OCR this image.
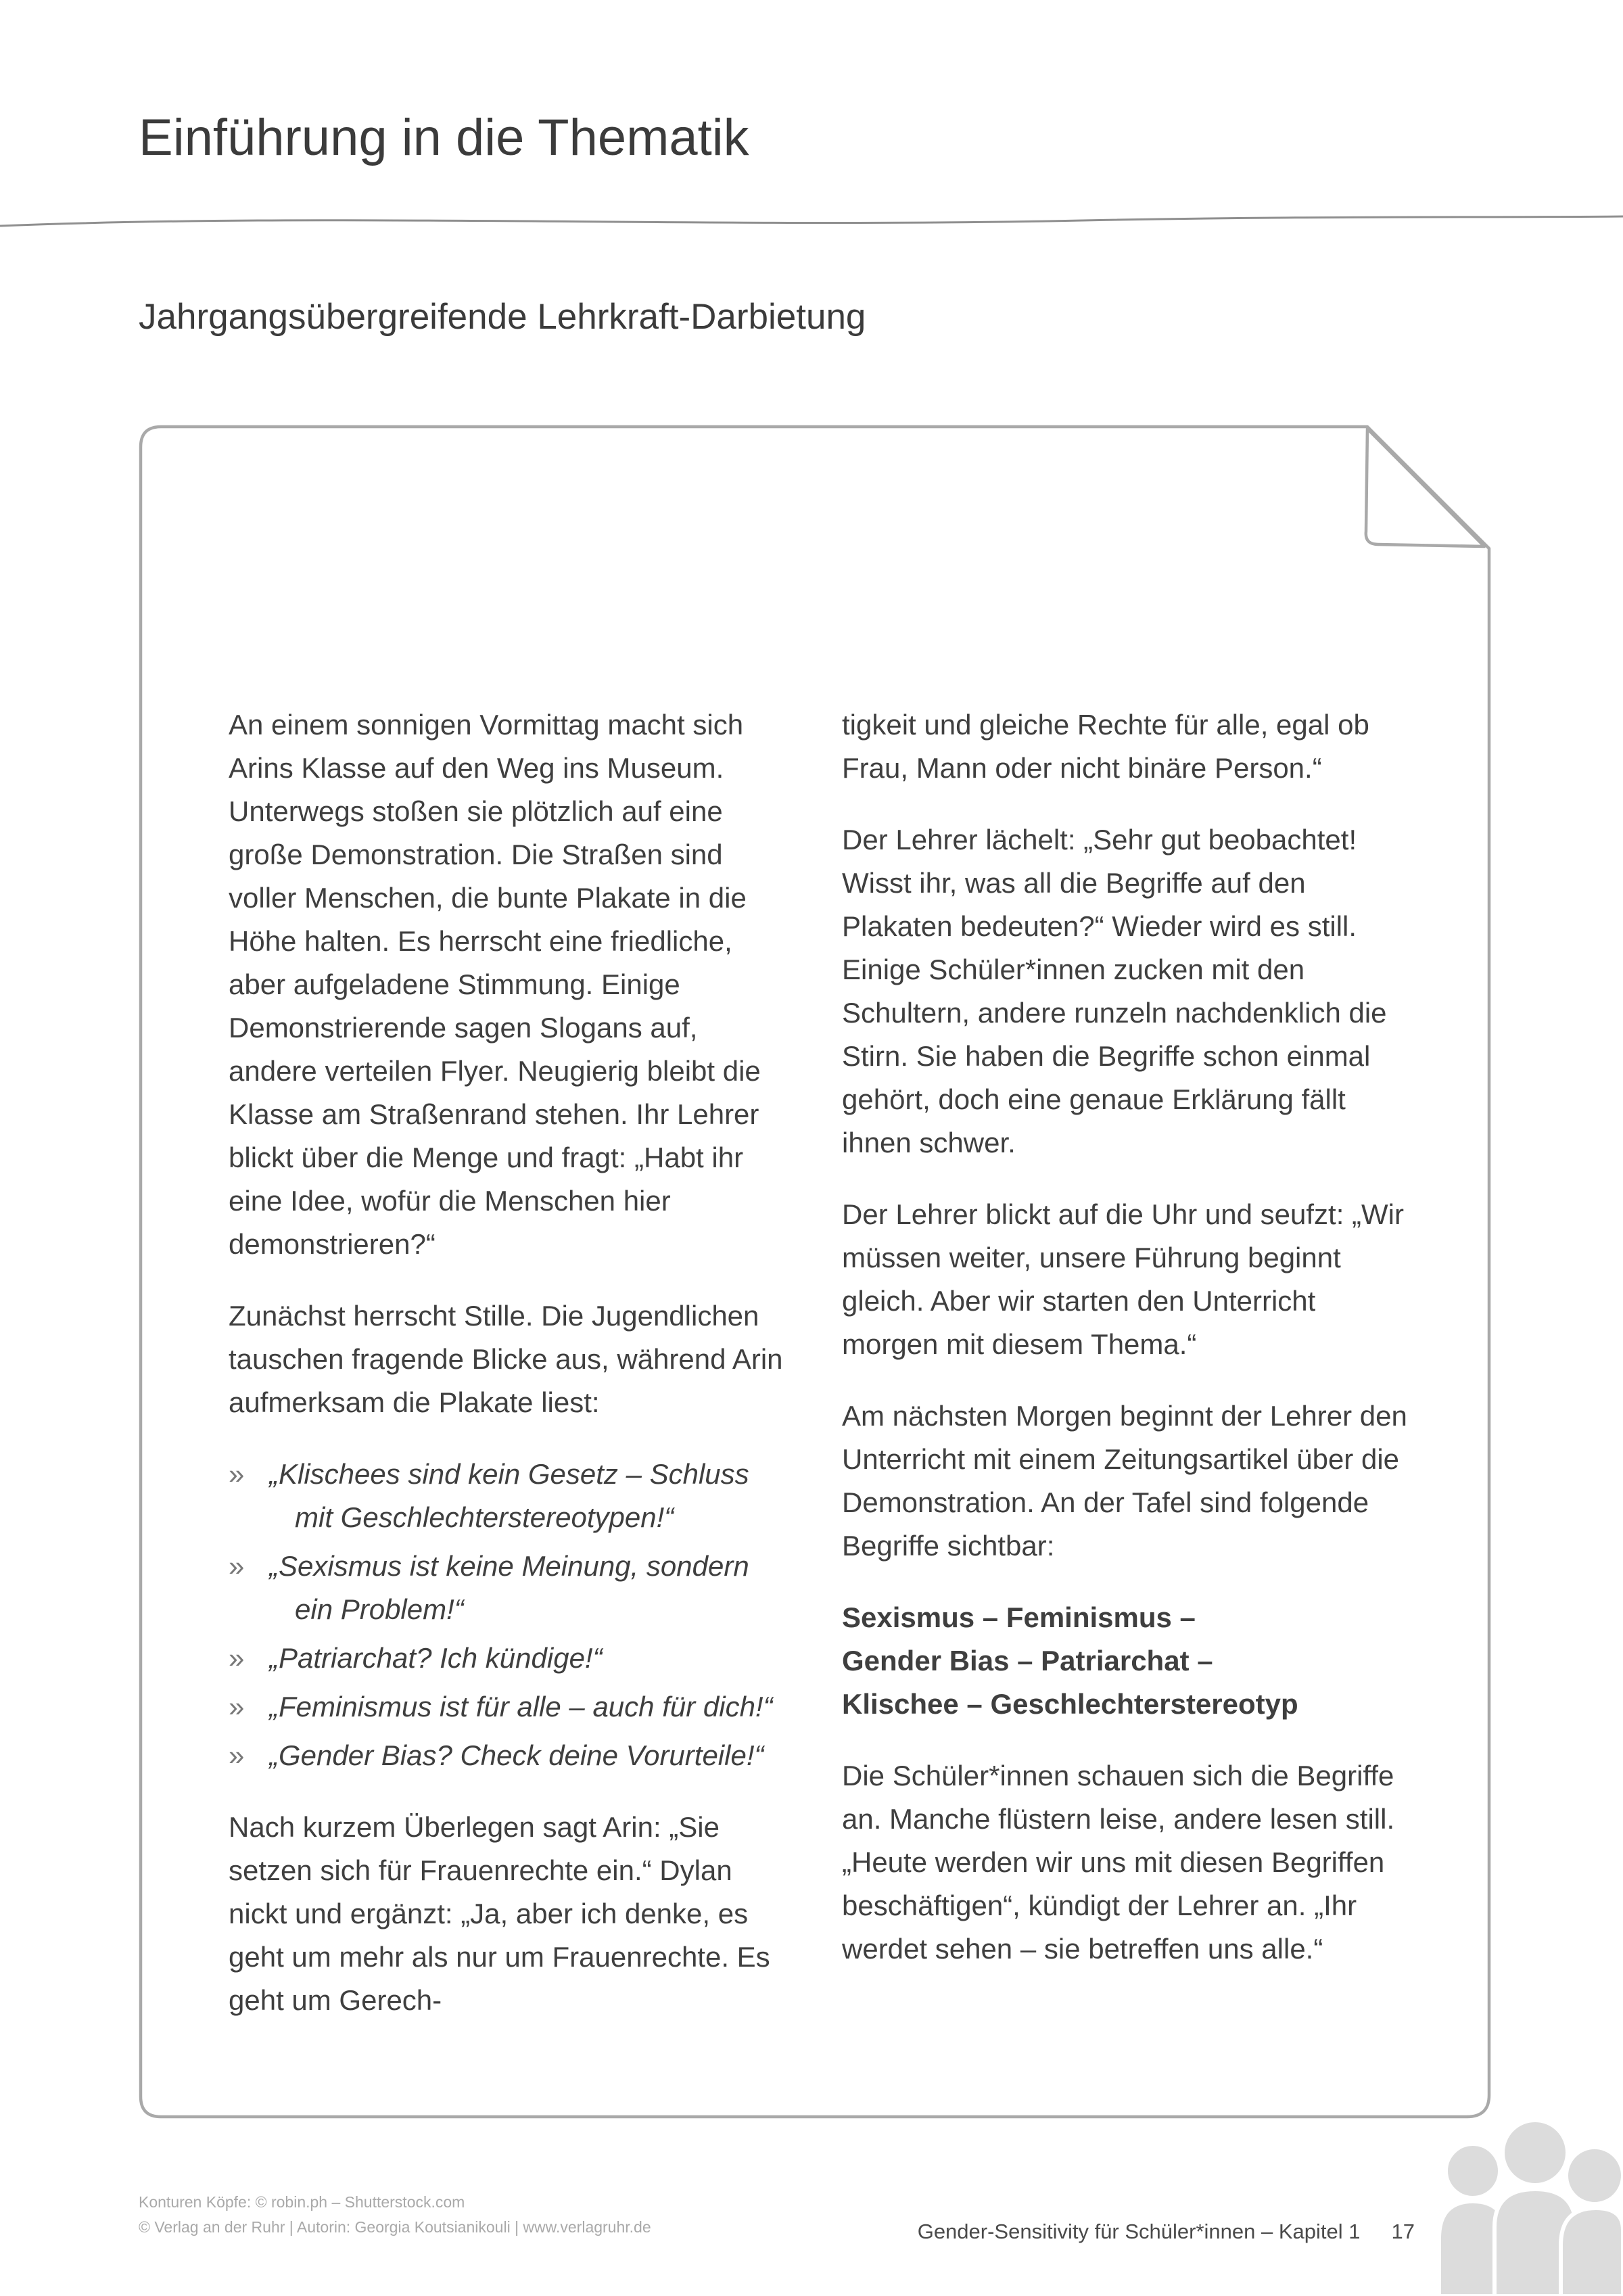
Einführung in die Thematik
Jahrgangsübergreifende Lehrkraft-Darbietung

An einem sonnigen Vormittag macht sich Arins Klasse auf den Weg ins Museum. Unterwegs stoßen sie plötzlich auf eine große Demonstration. Die Straßen sind voller Menschen, die bunte Plakate in die Höhe halten. Es herrscht eine friedliche, aber aufgeladene Stimmung. Einige Demonstrierende sagen Slogans auf, andere verteilen Flyer. Neugierig bleibt die Klasse am Straßenrand stehen. Ihr Lehrer blickt über die Menge und fragt: „Habt ihr eine Idee, wofür die Menschen hier demonstrieren?“

Zunächst herrscht Stille. Die Jugendlichen tauschen fragende Blicke aus, während Arin aufmerksam die Plakate liest:

» „Klischees sind kein Gesetz – Schluss mit Geschlechterstereotypen!“
» „Sexismus ist keine Meinung, sondern ein Problem!“
» „Patriarchat? Ich kündige!“
» „Feminismus ist für alle – auch für dich!“
» „Gender Bias? Check deine Vorurteile!“

Nach kurzem Überlegen sagt Arin: „Sie setzen sich für Frauenrechte ein.“ Dylan nickt und ergänzt: „Ja, aber ich denke, es geht um mehr als nur um Frauenrechte. Es geht um Gerech-

tigkeit und gleiche Rechte für alle, egal ob Frau, Mann oder nicht binäre Person.“

Der Lehrer lächelt: „Sehr gut beobachtet! Wisst ihr, was all die Begriffe auf den Plakaten bedeuten?“ Wieder wird es still. Einige Schüler*innen zucken mit den Schultern, andere runzeln nachdenklich die Stirn. Sie haben die Begriffe schon einmal gehört, doch eine genaue Erklärung fällt ihnen schwer.

Der Lehrer blickt auf die Uhr und seufzt: „Wir müssen weiter, unsere Führung beginnt gleich. Aber wir starten den Unterricht morgen mit diesem Thema.“

Am nächsten Morgen beginnt der Lehrer den Unterricht mit einem Zeitungsartikel über die Demonstration. An der Tafel sind folgende Begriffe sichtbar:

Sexismus – Feminismus –
Gender Bias – Patriarchat –
Klischee – Geschlechterstereotyp

Die Schüler*innen schauen sich die Begriffe an. Manche flüstern leise, andere lesen still. „Heute werden wir uns mit diesen Begriffen beschäftigen“, kündigt der Lehrer an. „Ihr werdet sehen – sie betreffen uns alle.“

Konturen Köpfe: © robin.ph – Shutterstock.com
© Verlag an der Ruhr | Autorin: Georgia Koutsianikouli | www.verlagruhr.de	Gender-Sensitivity für Schüler*innen – Kapitel 1 17
